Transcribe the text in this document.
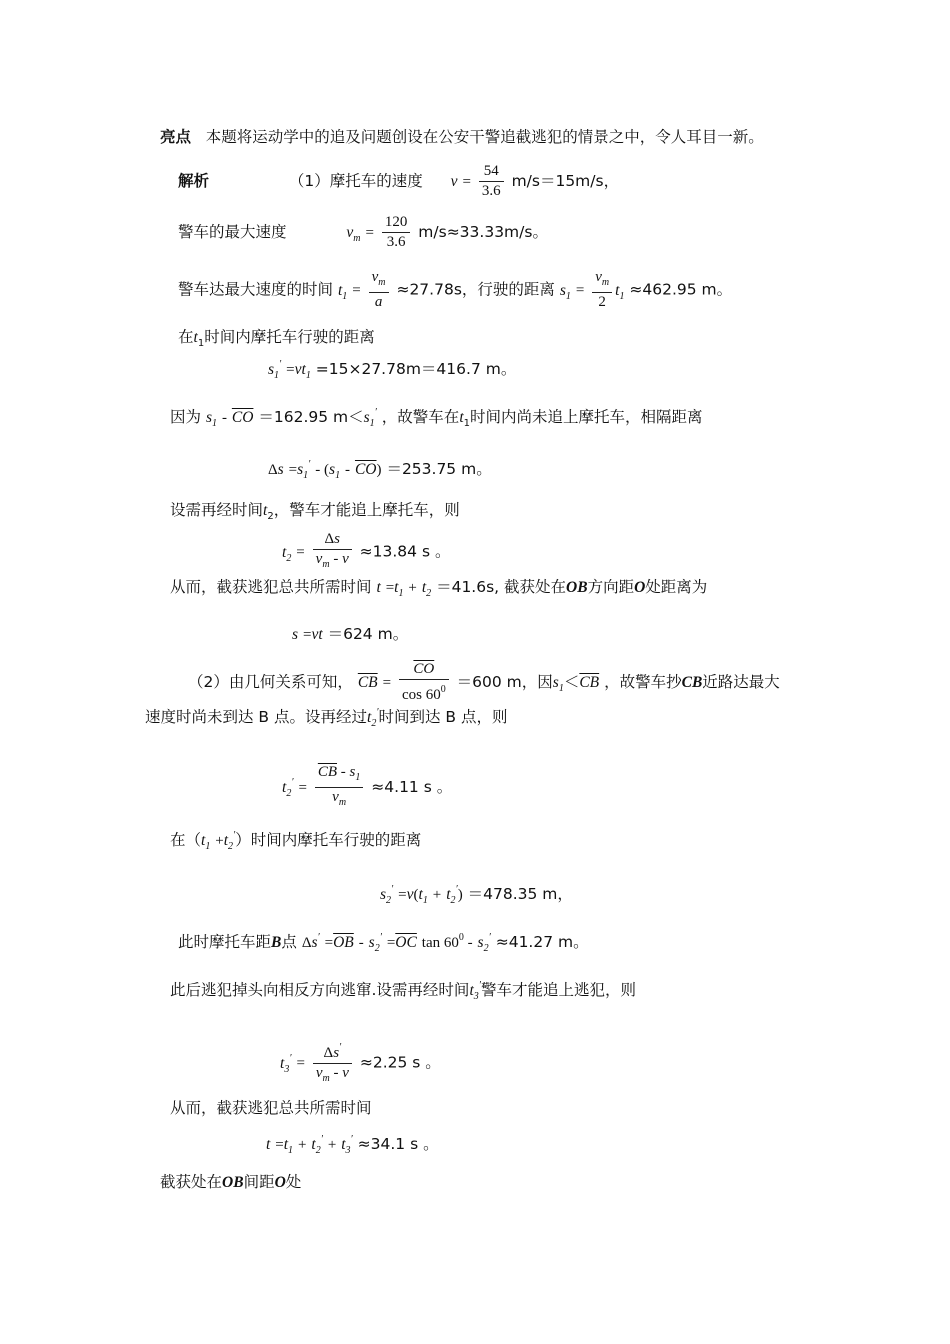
亮点 本题将运动学中的追及问题创设在公安干警追截逃犯的情景之中，令人耳目一新。
解析	（1）摩托车的速度 $v = \frac{54}{3.6} m/s=15m/s$，
警车的最大速度	$v_m = \frac{120}{3.6} m/s\approx 33.33m/s$。
警车达最大速度的时间 $t_1 = \frac{v_m}{a} \approx 27.78s$，行驶的距离 $s_1 = \frac{v_m}{2} t_1 \approx 462.95$ m。
在$t_1$时间内摩托车行驶的距离
$s_1' =vt_1 =15\times 27.78m=416.7$ m。
因为 $s_1 - \overline{CO} =162.95$ $m<s_1'$ ，故警车在$t_1$时间内尚未追上摩托车，相隔距离
$\Delta s =s_1' - (s_1 - \overline{CO}) =253.75$ m。
设需再经时间$t_2$，警车才能追上摩托车，则
$t_2 = \frac{\Delta s}{v_m - v} \approx 13.84$ s 。
从而，截获逃犯总共所需时间 $t =t_1 + t_2 =41.6s$, 截获处在OB方向距O处距离为
s =vt ＝624 m。
（2）由几何关系可知， $\overline{CB} = \frac{\overline{CO}}{\cos 60^0} =600$ m，因$s_1<\overline{CB}$ ，故警车抄CB近路达最大
速度时尚未到达 B 点。设再经过$t_2'$时间到达 B 点，则
$t_2' = \frac{\overline{CB} - s_1}{v_m} \approx 4.11$ s 。
在$(t_1 +t_2')$时间内摩托车行驶的距离
$s_2' =v(t_1 + t_2') =478.35$ m，
此时摩托车距B点 $\Delta s' =\overline{OB} - s_2' =\overline{OC}$ $\tan 60^0 - s_2' \approx 41.27$ m。
此后逃犯掉头向相反方向逃窜.设需再经时间$t_3'$警车才能追上逃犯，则
$t_3' = \frac{\Delta s'}{v_m - v} \approx 2.25$ s 。
从而，截获逃犯总共所需时间
$t =t_1 + t_2' + t_3' \approx 34.1$ s 。
截获处在OB间距O处
